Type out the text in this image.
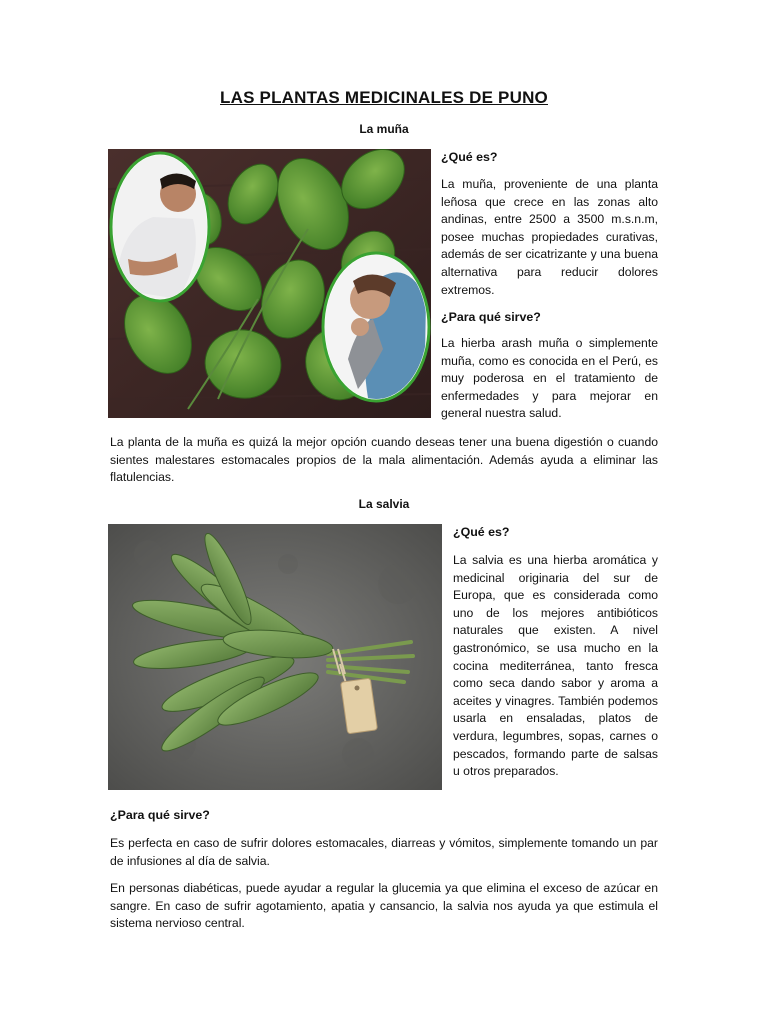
LAS PLANTAS MEDICINALES DE PUNO
La muña
¿Qué es?
La muña, proveniente de una planta leñosa que crece en las zonas alto andinas, entre 2500 a 3500 m.s.n.m, posee muchas propiedades curativas, además de ser cicatrizante y una buena alternativa para reducir dolores extremos.
¿Para qué sirve?
La hierba arash muña o simplemente muña, como es conocida en el Perú, es muy poderosa en el tratamiento de enfermedades y para mejorar en general nuestra salud.
La planta de la muña es quizá la mejor opción cuando deseas tener una buena digestión o cuando sientes malestares estomacales propios de la mala alimentación. Además ayuda a eliminar las flatulencias.
La salvia
¿Qué es?
La salvia es una hierba aromática y medicinal originaria del sur de Europa, que es considerada como uno de los mejores antibióticos naturales que existen. A nivel gastronómico, se usa mucho en la cocina mediterránea, tanto fresca como seca dando sabor y aroma a aceites y vinagres. También podemos usarla en ensaladas, platos de verdura, legumbres, sopas, carnes o pescados, formando parte de salsas u otros preparados.
¿Para qué sirve?
Es perfecta en caso de sufrir dolores estomacales, diarreas y vómitos, simplemente tomando un par de infusiones al día de salvia.
En personas diabéticas, puede ayudar a regular la glucemia ya que elimina el exceso de azúcar en sangre. En caso de sufrir agotamiento, apatia y cansancio, la salvia nos ayuda ya que estimula el sistema nervioso central.
